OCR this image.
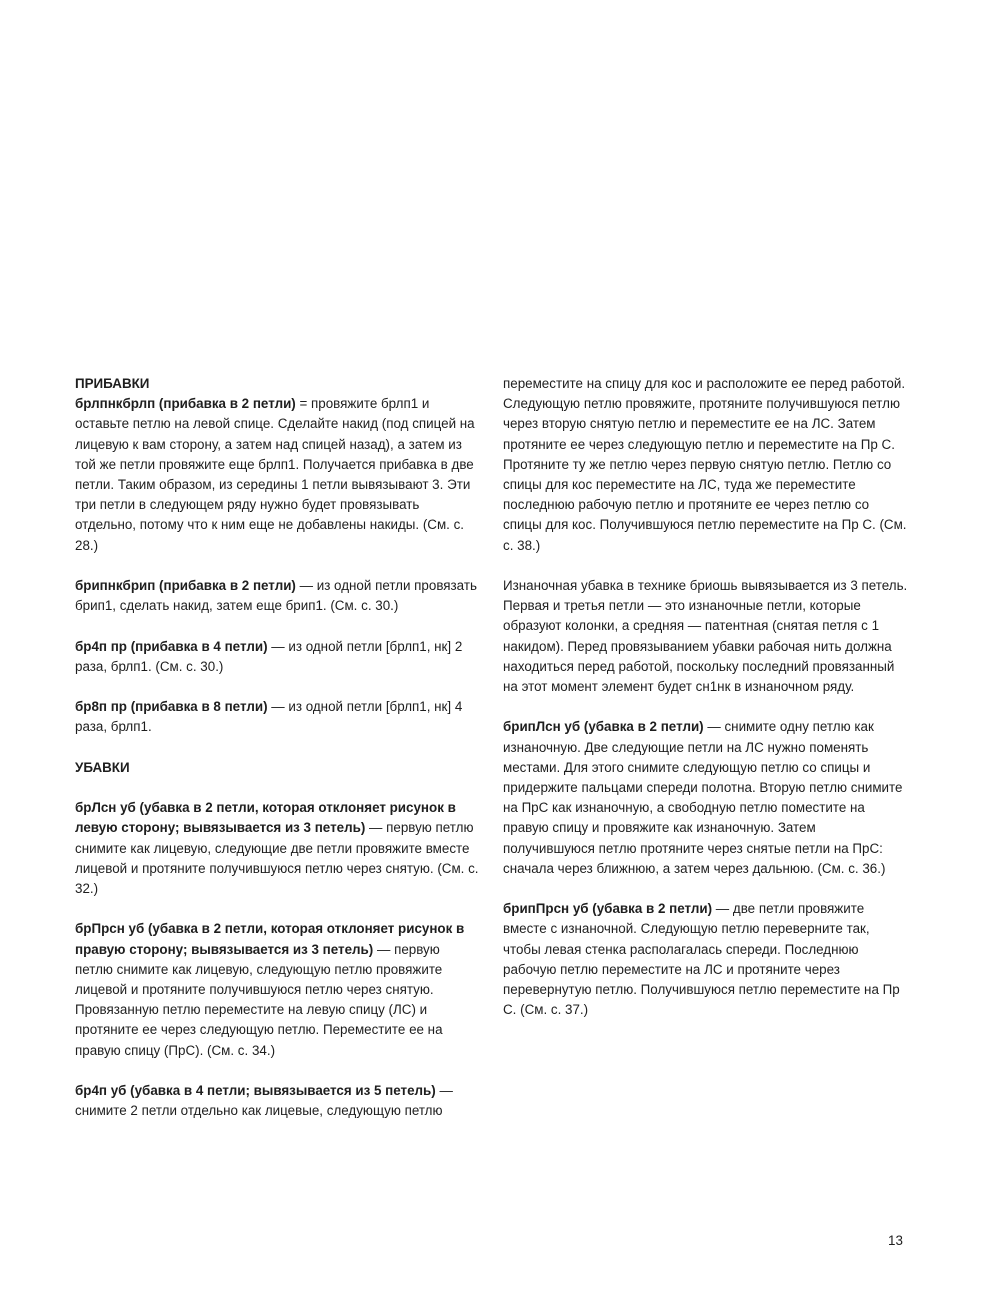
ПРИБАВКИ

брлпнкбрлп (прибавка в 2 петли) = провяжите брлп1 и оставьте петлю на левой спице. Сделайте накид (под спицей на лицевую к вам сторону, а затем над спицей назад), а затем из той же петли провяжите еще брлп1. Получается прибавка в две петли. Таким образом, из середины 1 петли вывязывают 3. Эти три петли в следующем ряду нужно будет провязывать отдельно, потому что к ним еще не добавлены накиды. (См. с. 28.)

брипнкбрип (прибавка в 2 петли) — из одной петли провязать брип1, сделать накид, затем еще брип1. (См. с. 30.)

бр4п пр (прибавка в 4 петли) — из одной петли [брлп1, нк] 2 раза, брлп1. (См. с. 30.)

бр8п пр (прибавка в 8 петли) — из одной петли [брлп1, нк] 4 раза, брлп1.

УБАВКИ

брЛсн уб (убавка в 2 петли, которая отклоняет рисунок в левую сторону; вывязывается из 3 петель) — первую петлю снимите как лицевую, следующие две петли провяжите вместе лицевой и протяните получившуюся петлю через снятую. (См. с. 32.)

брПрсн уб (убавка в 2 петли, которая отклоняет рисунок в правую сторону; вывязывается из 3 петель) — первую петлю снимите как лицевую, следующую петлю провяжите лицевой и протяните получившуюся петлю через снятую. Провязанную петлю переместите на левую спицу (ЛС) и протяните ее через следующую петлю. Переместите ее на правую спицу (ПрС). (См. с. 34.)

бр4п уб (убавка в 4 петли; вывязывается из 5 петель) — снимите 2 петли отдельно как лицевые, следующую петлю

переместите на спицу для кос и расположите ее перед работой. Следующую петлю провяжите, протяните получившуюся петлю через вторую снятую петлю и переместите ее на ЛС. Затем протяните ее через следующую петлю и переместите на Пр С. Протяните ту же петлю через первую снятую петлю. Петлю со спицы для кос переместите на ЛС, туда же переместите последнюю рабочую петлю и протяните ее через петлю со спицы для кос. Получившуюся петлю переместите на Пр С. (См. с. 38.)

Изнаночная убавка в технике бриошь вывязывается из 3 петель. Первая и третья петли — это изнаночные петли, которые образуют колонки, а средняя — патентная (снятая петля с 1 накидом). Перед провязыванием убавки рабочая нить должна находиться перед работой, поскольку последний провязанный на этот момент элемент будет сн1нк в изнаночном ряду.

брипЛсн уб (убавка в 2 петли) — снимите одну петлю как изнаночную. Две следующие петли на ЛС нужно поменять местами. Для этого снимите следующую петлю со спицы и придержите пальцами спереди полотна. Вторую петлю снимите на ПрС как изнаночную, а свободную петлю поместите на правую спицу и провяжите как изнаночную. Затем получившуюся петлю протяните через снятые петли на ПрС: сначала через ближнюю, а затем через дальнюю. (См. с. 36.)

брипПрсн уб (убавка в 2 петли) — две петли провяжите вместе с изнаночной. Следующую петлю переверните так, чтобы левая стенка располагалась спереди. Последнюю рабочую петлю переместите на ЛС и протяните через перевернутую петлю. Получившуюся петлю переместите на Пр С. (См. с. 37.)

13
